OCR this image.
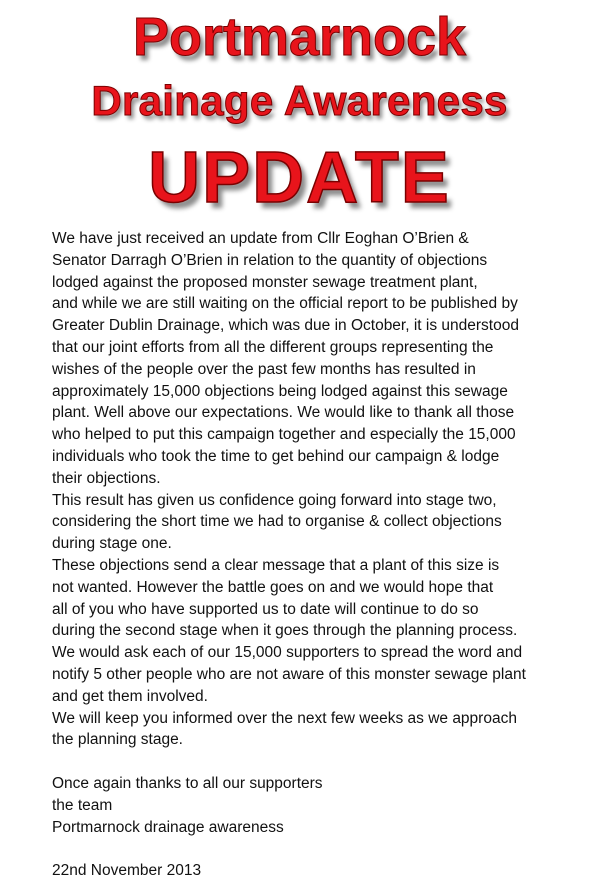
Portmarnock
Drainage Awareness
UPDATE
We have just received an update from Cllr Eoghan O’Brien &
Senator Darragh O’Brien in relation to the quantity of objections
lodged against the proposed monster sewage treatment plant,
and while we are still waiting on the official report to be published by
Greater Dublin Drainage, which was due in October, it is understood
that our joint efforts from all the different groups representing the
wishes of the people over the past few months has resulted in
approximately 15,000 objections being lodged against this sewage
plant. Well above our expectations. We would like to thank all those
who helped to put this campaign together and especially the 15,000
individuals who took the time to get behind our campaign & lodge
their objections.
This result has given us confidence going forward into stage two,
considering the short time we had to organise & collect objections
during stage one.
These objections send a clear message that a plant of this size is
not wanted. However the battle goes on and we would hope that
all of you who have supported us to date will continue to do so
during the second stage when it goes through the planning process.
We would ask each of our 15,000 supporters to spread the word and
notify 5 other people who are not aware of this monster sewage plant
and get them involved.
We will keep you informed over the next few weeks as we approach
the planning stage.
Once again thanks to all our supporters
the team
Portmarnock drainage awareness
22nd November 2013
